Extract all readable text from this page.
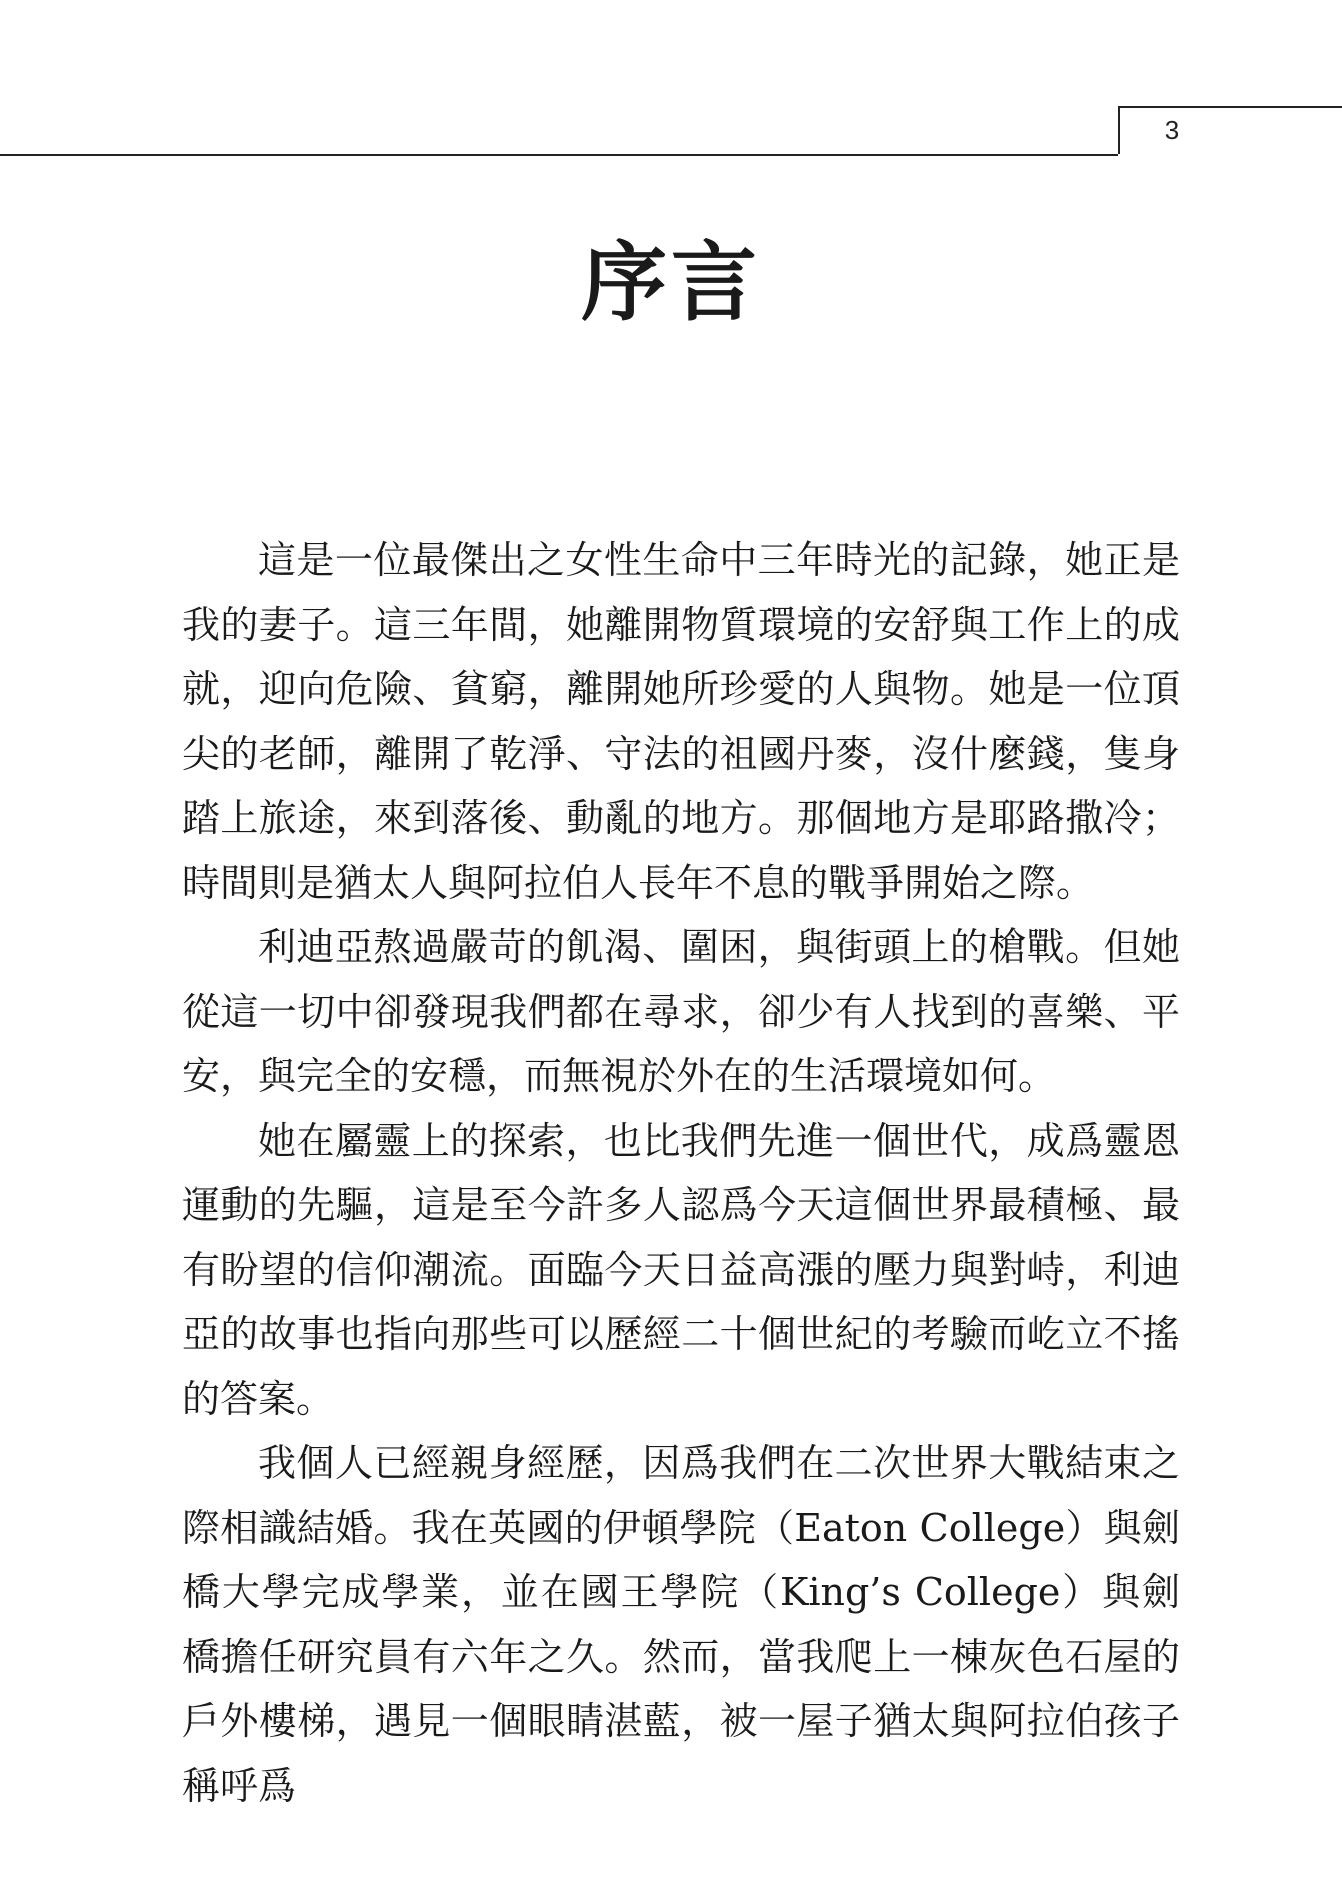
3
序言

這是一位最傑出之女性生命中三年時光的記錄，她正是我的妻子。這三年間，她離開物質環境的安舒與工作上的成就，迎向危險、貧窮，離開她所珍愛的人與物。她是一位頂尖的老師，離開了乾淨、守法的祖國丹麥，沒什麼錢，隻身踏上旅途，來到落後、動亂的地方。那個地方是耶路撒冷；時間則是猶太人與阿拉伯人長年不息的戰爭開始之際。

利迪亞熬過嚴苛的飢渴、圍困，與街頭上的槍戰。但她從這一切中卻發現我們都在尋求，卻少有人找到的喜樂、平安，與完全的安穩，而無視於外在的生活環境如何。

她在屬靈上的探索，也比我們先進一個世代，成爲靈恩運動的先驅，這是至今許多人認爲今天這個世界最積極、最有盼望的信仰潮流。面臨今天日益高漲的壓力與對峙，利迪亞的故事也指向那些可以歷經二十個世紀的考驗而屹立不搖的答案。

我個人已經親身經歷，因爲我們在二次世界大戰結束之際相識結婚。我在英國的伊頓學院（Eaton College）與劍橋大學完成學業，並在國王學院（King’s College）與劍橋擔任研究員有六年之久。然而，當我爬上一棟灰色石屋的戶外樓梯，遇見一個眼睛湛藍，被一屋子猶太與阿拉伯孩子稱呼爲
